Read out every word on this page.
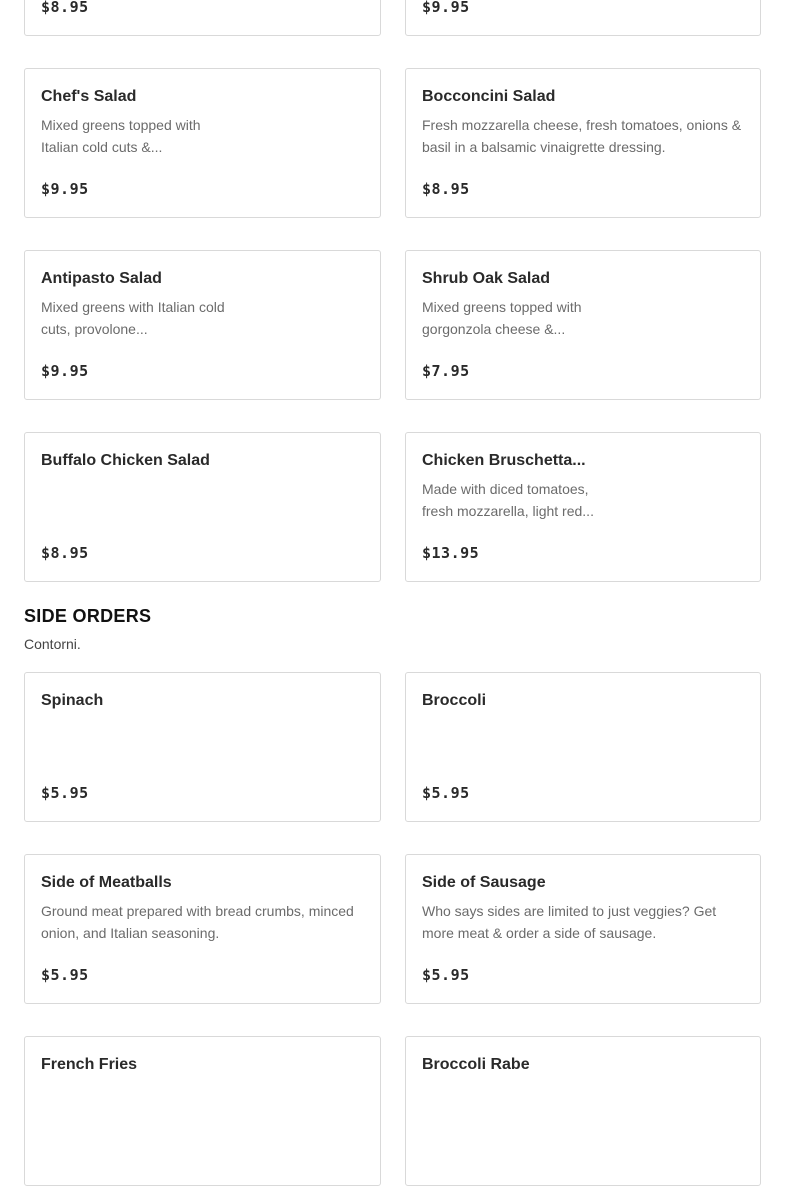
$8.95	$9.95
Chef's Salad
Mixed greens topped with Italian cold cuts &...
$9.95
Bocconcini Salad
Fresh mozzarella cheese, fresh tomatoes, onions & basil in a balsamic vinaigrette dressing.
$8.95
Antipasto Salad
Mixed greens with Italian cold cuts, provolone...
$9.95
Shrub Oak Salad
Mixed greens topped with gorgonzola cheese &...
$7.95
Buffalo Chicken Salad
$8.95
Chicken Bruschetta...
Made with diced tomatoes, fresh mozzarella, light red...
$13.95
SIDE ORDERS
Contorni.
Spinach
$5.95
Broccoli
$5.95
Side of Meatballs
Ground meat prepared with bread crumbs, minced onion, and Italian seasoning.
$5.95
Side of Sausage
Who says sides are limited to just veggies? Get more meat & order a side of sausage.
$5.95
French Fries	Broccoli Rabe
